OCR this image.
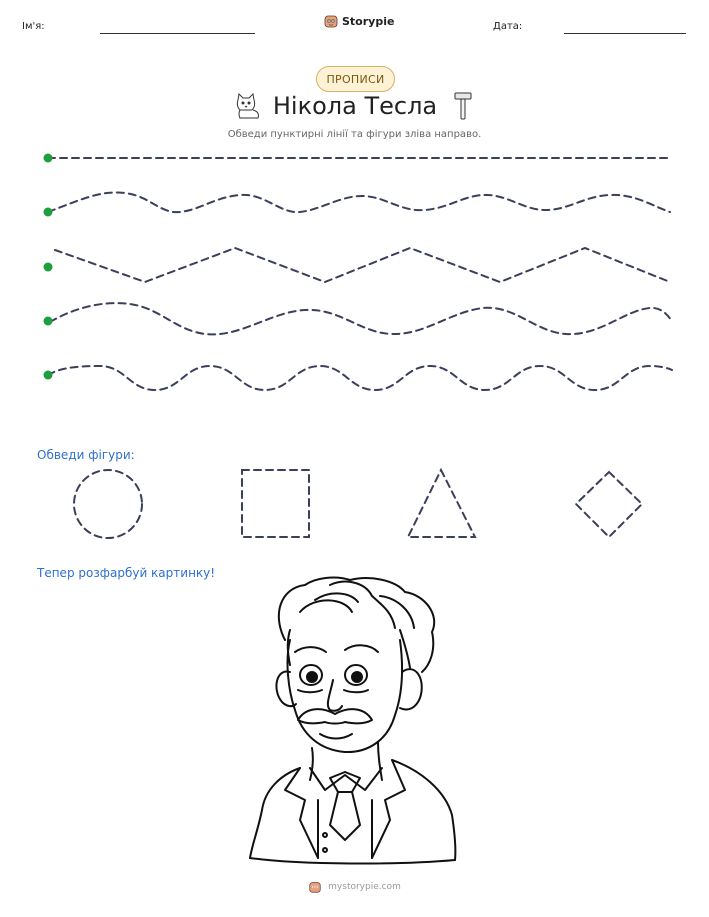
Ім'я:	Storypie	Дата:
ПРОПИСИ
Нікола Тесла
Обведи пунктирні лінії та фігури зліва направо.
Обведи фігури:
Тепер розфарбуй картинку!
mystorypie.com
